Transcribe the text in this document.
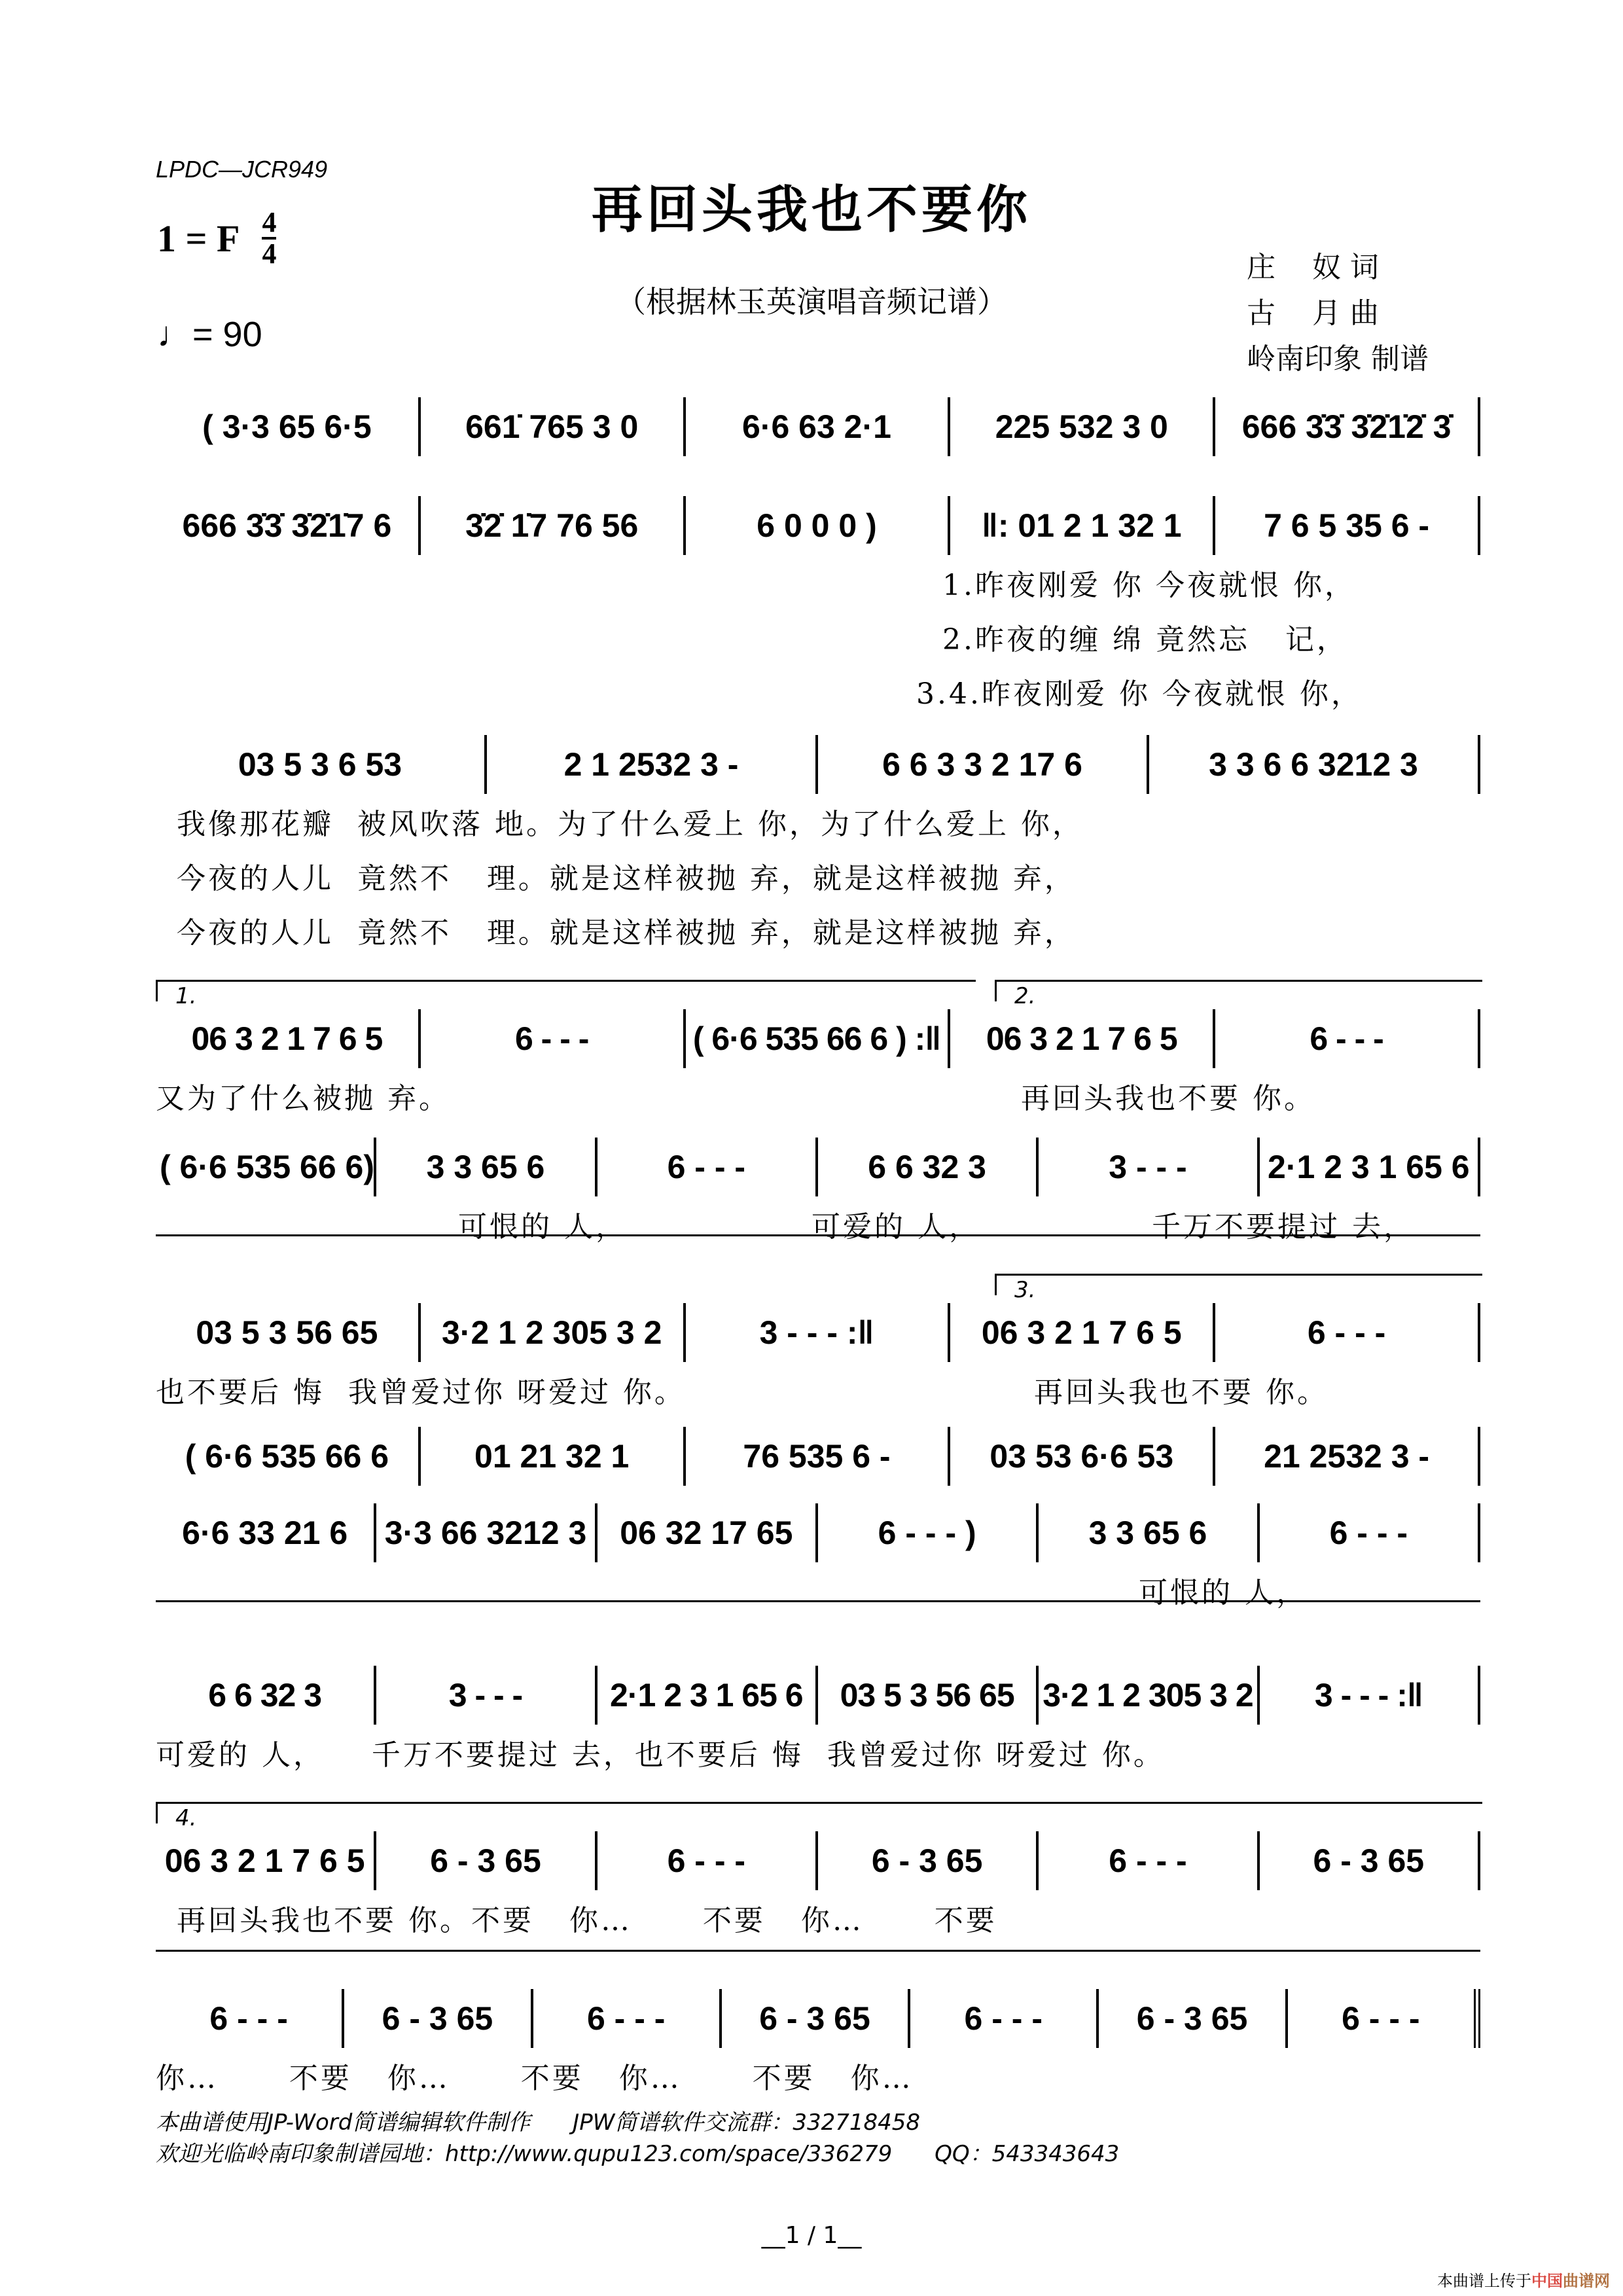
LPDC—JCR949
再回头我也不要你
（根据林玉英演唱音频记谱）
1 = F $\frac{4}{4}$
♩= 90
庄    奴 词
古    月 曲
岭南印象 制谱
( 3·3 65 6·5	661̇ 765 3 0	6·6 63 2·1	225 532 3 0	666 3̇3̇ 3̇2̇1̇2̇ 3̇
666 3̇3̇ 3̇2̇1̇7 6	3̇2̇ 1̇7 76 56	6 0 0 0 )	‖: 01 2 1 32 1	7 6 5 35 6 -
1.昨夜刚爱 你 今夜就恨 你，
2.昨夜的缠 绵 竟然忘   记，
3.4.昨夜刚爱 你 今夜就恨 你，
03 5 3 6 53	2 1 2532 3 -	6 6 3 3 2 17 6	3 3 6 6 3212 3
我像那花瓣  被风吹落 地。为了什么爱上 你，为了什么爱上 你，
今夜的人儿  竟然不   理。就是这样被抛 弃，就是这样被抛 弃，
今夜的人儿  竟然不   理。就是这样被抛 弃，就是这样被抛 弃，
06 3 2 1 7 6 5	6 - - -	( 6·6 535 66 6 ) :‖	06 3 2 1 7 6 5	6 - - -
1.	2.
又为了什么被抛 弃。	再回头我也不要 你。
( 6·6 535 66 6)	3 3 65 6	6 - - -	6 6 32 3	3 - - -	2·1 2 3 1 65 6
可恨的 人，	可爱的 人，	千万不要提过 去，
03 5 3 56 65	3·2 1 2 305 3 2	3 - - - :‖	06 3 2 1 7 6 5	6 - - -
3.
也不要后 悔  我曾爱过你 呀爱过 你。	再回头我也不要 你。
( 6·6 535 66 6	01 21 32 1	76 535 6 -	03 53 6·6 53	21 2532 3 -
6·6 33 21 6	3·3 66 3212 3	06 32 17 65	6 - - - )	3 3 65 6	6 - - -
可恨的 人，
6 6 32 3	3 - - -	2·1 2 3 1 65 6	03 5 3 56 65 3·2 1 2 305 3 2	3 - - - :‖
可爱的 人，    千万不要提过 去，也不要后 悔  我曾爱过你 呀爱过 你。
06 3 2 1 7 6 5	6 - 3 65	6 - - -	6 - 3 65	6 - - -	6 - 3 65
4.
再回头我也不要 你。不要   你…      不要   你…      不要
6 - - -	6 - 3 65	6 - - -	6 - 3 65	6 - - -	6 - 3 65	6 - - -
你…      不要   你…      不要   你…      不要   你…
本曲谱使用JP-Word简谱编辑软件制作      JPW简谱软件交流群：332718458
欢迎光临岭南印象制谱园地：http://www.qupu123.com/space/336279      QQ：543343643
__1 / 1__
本曲谱上传于中国曲谱网
